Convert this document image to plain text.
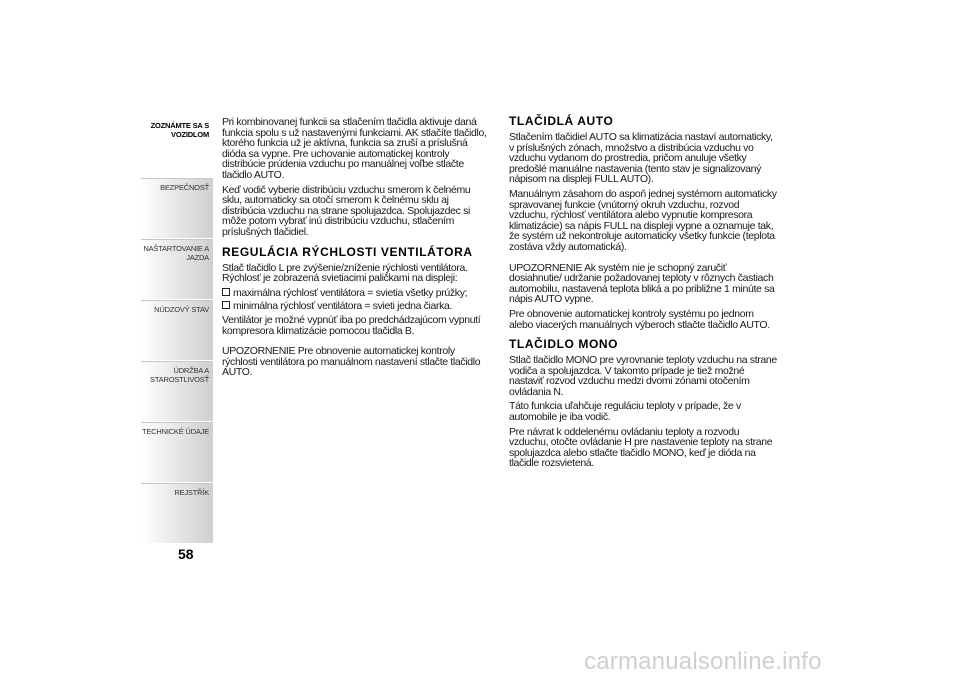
ZOZNÁMTE SA S VOZIDLOM
BEZPEČNOSŤ
NAŠTARTOVANIE A JAZDA
NÚDZOVÝ STAV
ÚDRŽBA A STAROSTLIVOSŤ
TECHNICKÉ ÚDAJE
REJSTŘÍK
58

Pri kombinovanej funkcii sa stlačením tlačidla aktivuje daná funkcia spolu s už nastavenými funkciami. AK stlačíte tlačidlo, ktorého funkcia už je aktívna, funkcia sa zruší a príslušná dióda sa vypne. Pre uchovanie automatickej kontroly distribúcie prúdenia vzduchu po manuálnej voľbe stlačte tlačidlo AUTO.

Keď vodič vyberie distribúciu vzduchu smerom k čelnému sklu, automaticky sa otočí smerom k čelnému sklu aj distribúcia vzduchu na strane spolujazdca. Spolujazdec si môže potom vybrať inú distribúciu vzduchu, stlačením príslušných tlačidiel.

REGULÁCIA RÝCHLOSTI VENTILÁTORA

Stlač tlačidlo L pre zvýšenie/zníženie rýchlosti ventilátora. Rýchlosť je zobrazená svietiacimi paličkami na displeji:

maximálna rýchlosť ventilátora = svietia všetky prúžky;
minimálna rýchlosť ventilátora = svieti jedna čiarka.

Ventilátor je možné vypnúť iba po predchádzajúcom vypnutí kompresora klimatizácie pomocou tlačidla B.

UPOZORNENIE Pre obnovenie automatickej kontroly rýchlosti ventilátora po manuálnom nastavení stlačte tlačidlo AUTO.

TLAČIDLÁ AUTO

Stlačením tlačidiel AUTO sa klimatizácia nastaví automaticky, v príslušných zónach, množstvo a distribúcia vzduchu vo vzduchu vydanom do prostredia, pričom anuluje všetky predošlé manuálne nastavenia (tento stav je signalizovaný nápisom na displeji FULL AUTO).

Manuálnym zásahom do aspoň jednej systémom automaticky spravovanej funkcie (vnútorný okruh vzduchu, rozvod vzduchu, rýchlosť ventilátora alebo vypnutie kompresora klimatizácie) sa nápis FULL na displeji vypne a oznamuje tak, že systém už nekontroluje automaticky všetky funkcie (teplota zostáva vždy automatická).

UPOZORNENIE Ak systém nie je schopný zaručiť dosiahnutie/ udržanie požadovanej teploty v rôznych častiach automobilu, nastavená teplota bliká a po približne 1 minúte sa nápis AUTO vypne.

Pre obnovenie automatickej kontroly systému po jednom alebo viacerých manuálnych výberoch stlačte tlačidlo AUTO.

TLAČIDLO MONO

Stlač tlačidlo MONO pre vyrovnanie teploty vzduchu na strane vodiča a spolujazdca. V takomto prípade je tiež možné nastaviť rozvod vzduchu medzi dvomi zónami otočením ovládania N.

Táto funkcia uľahčuje reguláciu teploty v prípade, že v automobile je iba vodič.

Pre návrat k oddelenému ovládaniu teploty a rozvodu vzduchu, otočte ovládanie H pre nastavenie teploty na strane spolujazdca alebo stlačte tlačidlo MONO, keď je dióda na tlačidle rozsvietená.

carmanualsonline.info
